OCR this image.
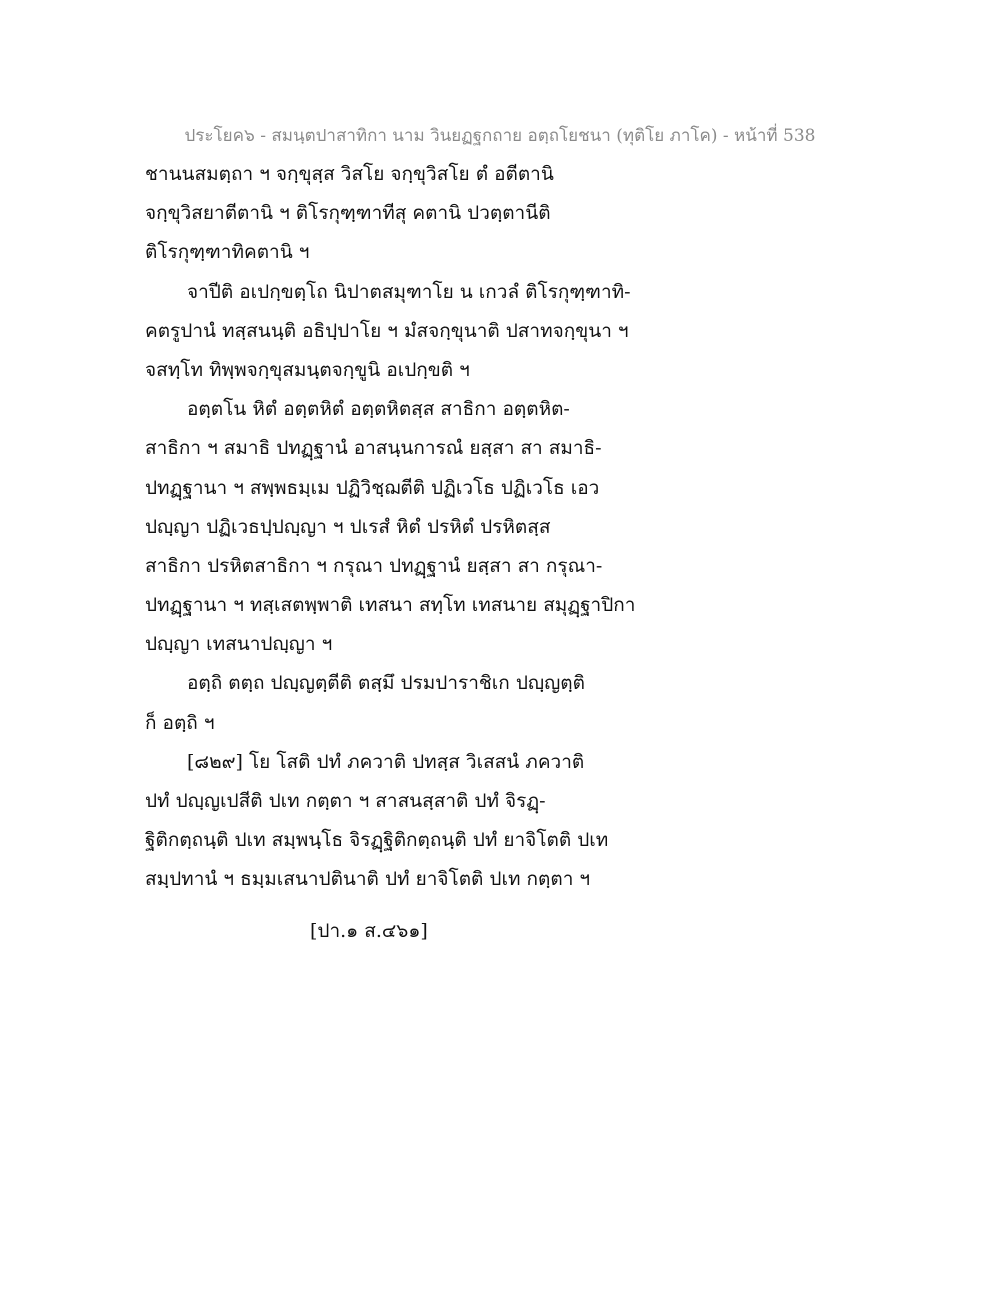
ประโยค๖ - สมนฺตปาสาทิกา นาม วินยฏฐกถาย อตฺถโยชนา (ทุติโย ภาโค) - หน้าที่ 538
ชานนสมตฺถา ฯ จกฺขุสฺส วิสโย จกฺขุวิสโย ตํ อตีตานิ
จกฺขุวิสยาตีตานิ ฯ ติโรกุฑฺฑาทีสุ คตานิ ปวตฺตานีติ
ติโรกุฑฺฑาทิคตานิ ฯ
จาปีติ อเปกฺขตฺโถ นิปาตสมุฑาโย น เกวลํ ติโรกุฑฺฑาทิ-
คตรูปานํ ทสฺสนนฺติ อธิปฺปาโย ฯ มํสจกฺขุนาติ ปสาทจกฺขุนา ฯ
จสทฺโท ทิพฺพจกฺขุสมนฺตจกฺขูนิ อเปกฺขติ ฯ
อตฺตโน หิตํ อตฺตหิตํ อตฺตหิตสฺส สาธิกา อตฺตหิต-
สาธิกา ฯ สมาธิ ปทฏฺฐานํ อาสนฺนการณํ ยสฺสา สา สมาธิ-
ปทฏฺฐานา ฯ สพฺพธมฺเม ปฏิวิชฺฌตีติ ปฏิเวโธ ปฏิเวโธ เอว
ปญฺญา ปฏิเวธปฺปญฺญา ฯ ปเรสํ หิตํ ปรหิตํ ปรหิตสฺส
สาธิกา ปรหิตสาธิกา ฯ กรุณา ปทฏฺฐานํ ยสฺสา สา กรุณา-
ปทฏฺฐานา ฯ ทสฺเสตพฺพาติ เทสนา สทฺโท เทสนาย สมุฏฺฐาปิกา
ปญฺญา เทสนาปญฺญา ฯ
อตฺถิ ตตฺถ ปญฺญตฺตีติ ตสฺมึ ปรมปาราชิเก ปญฺญตฺติ
ก็ อตฺถิ ฯ
[๘๒๙] โย โสติ ปทํ ภควาติ ปทสฺส วิเสสนํ ภควาติ
ปทํ ปญฺญเปสีติ ปเท กตฺตา ฯ สาสนสฺสาติ ปทํ จิรฏฺ-
ฐิติกตฺถนฺติ ปเท สมฺพนฺโธ จิรฏฺฐิติกตฺถนฺติ ปทํ ยาจิโตติ ปเท
สมฺปทานํ ฯ ธมฺมเสนาปตินาติ ปทํ ยาจิโตติ ปเท กตฺตา ฯ
[ปา.๑ ส.๔๖๑]
